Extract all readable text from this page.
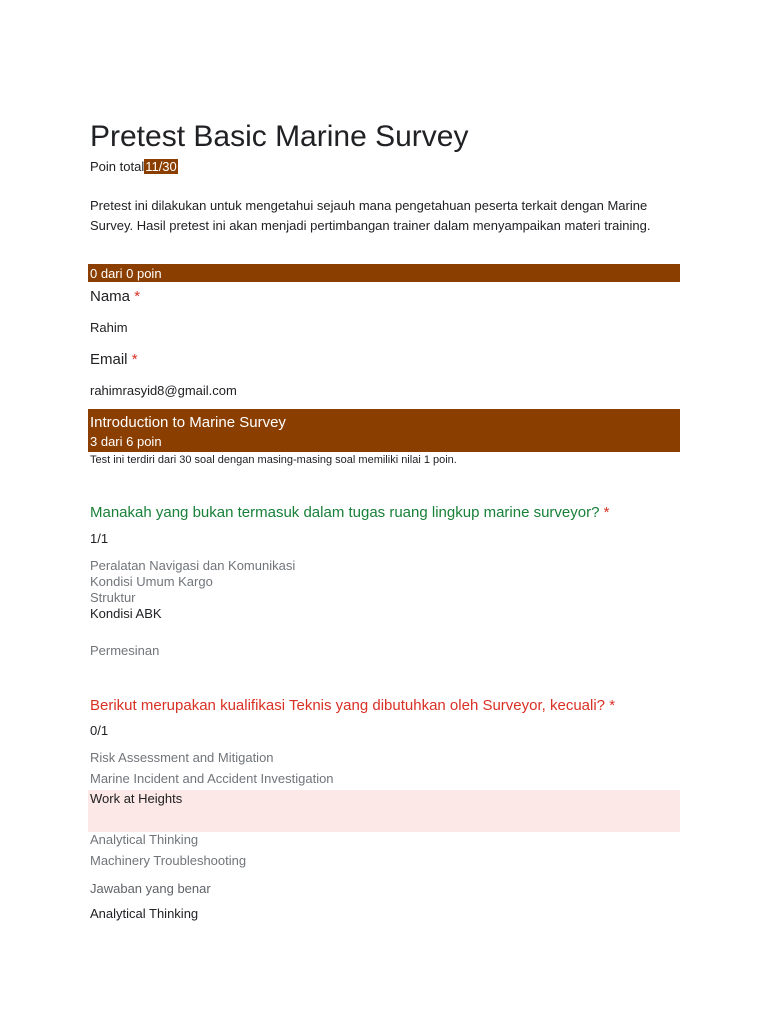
Pretest Basic Marine Survey
Poin total11/30
Pretest ini dilakukan untuk mengetahui sejauh mana pengetahuan peserta terkait dengan Marine Survey. Hasil pretest ini akan menjadi pertimbangan trainer dalam menyampaikan materi training.
0 dari 0 poin
Nama *
Rahim
Email *
rahimrasyid8@gmail.com
Introduction to Marine Survey
3 dari 6 poin
Test ini terdiri dari 30 soal dengan masing-masing soal memiliki nilai 1 poin.
Manakah yang bukan termasuk dalam tugas ruang lingkup marine surveyor? *
1/1
Peralatan Navigasi dan Komunikasi
Kondisi Umum Kargo
Struktur
Kondisi ABK
Permesinan
Berikut merupakan kualifikasi Teknis yang dibutuhkan oleh Surveyor, kecuali? *
0/1
Risk Assessment and Mitigation
Marine Incident and Accident Investigation
Work at Heights
Analytical Thinking
Machinery Troubleshooting
Jawaban yang benar
Analytical Thinking
